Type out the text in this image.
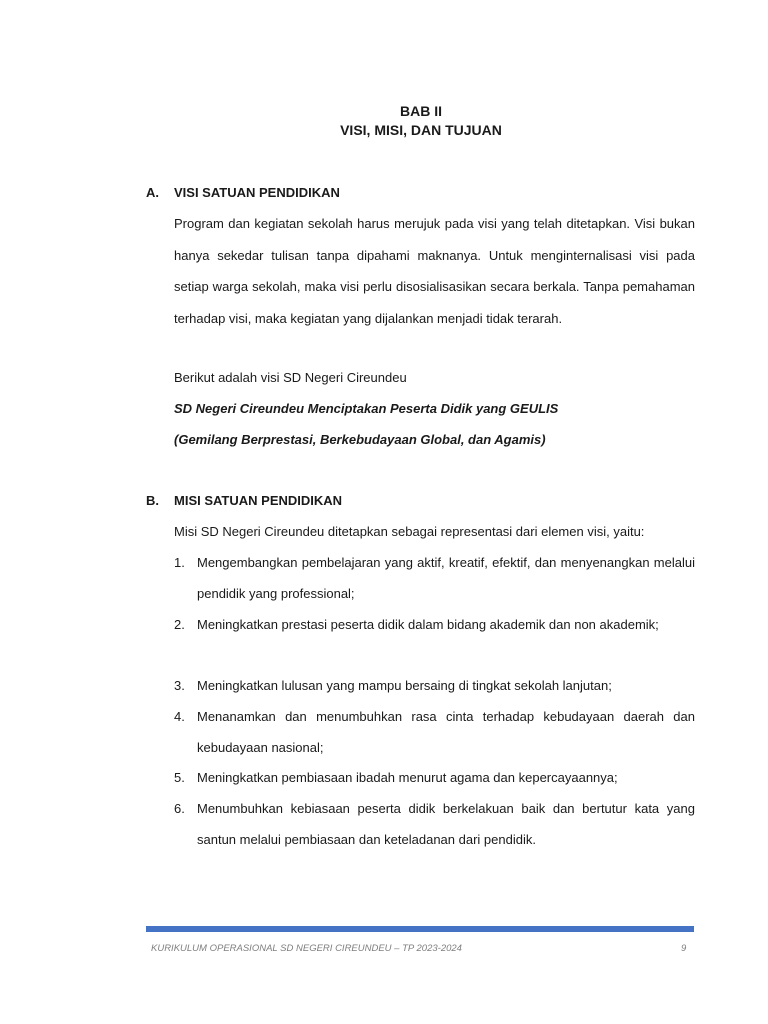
BAB II
VISI, MISI, DAN TUJUAN
A. VISI SATUAN PENDIDIKAN

Program dan kegiatan sekolah harus merujuk pada visi yang telah ditetapkan. Visi bukan hanya sekedar tulisan tanpa dipahami maknanya. Untuk menginternalisasi visi pada setiap warga sekolah, maka visi perlu disosialisasikan secara berkala. Tanpa pemahaman terhadap visi, maka kegiatan yang dijalankan menjadi tidak terarah.

Berikut adalah visi SD Negeri Cireundeu
SD Negeri Cireundeu Menciptakan Peserta Didik yang GEULIS
(Gemilang Berprestasi, Berkebudayaan Global, dan Agamis)
B. MISI SATUAN PENDIDIKAN
Misi SD Negeri Cireundeu ditetapkan sebagai representasi dari elemen visi, yaitu:
1. Mengembangkan pembelajaran yang aktif, kreatif, efektif, dan menyenangkan melalui pendidik yang professional;

2. Meningkatkan prestasi peserta didik dalam bidang akademik dan non akademik;

3. Meningkatkan lulusan yang mampu bersaing di tingkat sekolah lanjutan;

4. Menanamkan dan menumbuhkan rasa cinta terhadap kebudayaan daerah dan kebudayaan nasional;

5. Meningkatkan pembiasaan ibadah menurut agama dan kepercayaannya;

6. Menumbuhkan kebiasaan peserta didik berkelakuan baik dan bertutur kata yang santun melalui pembiasaan dan keteladanan dari pendidik.

KURIKULUM OPERASIONAL SD NEGERI CIREUNDEU – TP 2023-2024	9
